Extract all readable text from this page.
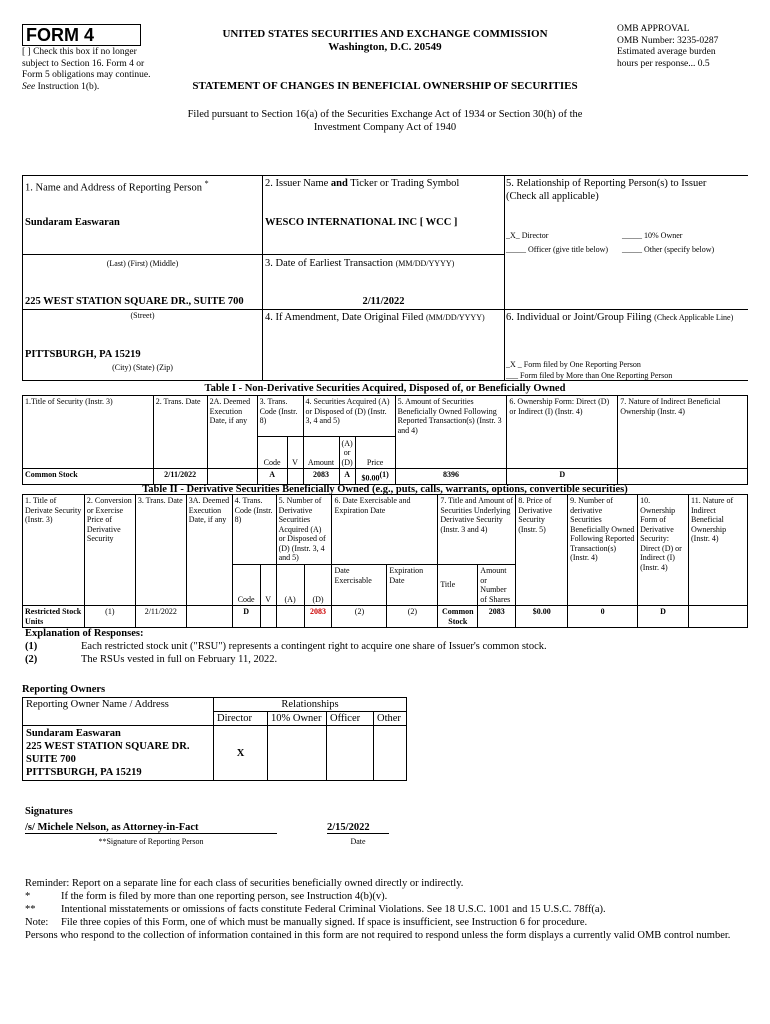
FORM 4
[ ] Check this box if no longer subject to Section 16. Form 4 or Form 5 obligations may continue. See Instruction 1(b).
UNITED STATES SECURITIES AND EXCHANGE COMMISSION
Washington, D.C. 20549
OMB APPROVAL
OMB Number: 3235-0287
Estimated average burden
hours per response... 0.5
STATEMENT OF CHANGES IN BENEFICIAL OWNERSHIP OF SECURITIES
Filed pursuant to Section 16(a) of the Securities Exchange Act of 1934 or Section 30(h) of the
Investment Company Act of 1940
1. Name and Address of Reporting Person *
Sundaram Easwaran
(Last) (First) (Middle)
225 WEST STATION SQUARE DR., SUITE 700
(Street)
PITTSBURGH, PA 15219
(City) (State) (Zip)
2. Issuer Name and Ticker or Trading Symbol
WESCO INTERNATIONAL INC [ WCC ]
3. Date of Earliest Transaction (MM/DD/YYYY)
2/11/2022
4. If Amendment, Date Original Filed (MM/DD/YYYY)
5. Relationship of Reporting Person(s) to Issuer
(Check all applicable)
_X_ Director	_____ 10% Owner
_____ Officer (give title below) _____ Other (specify below)
6. Individual or Joint/Group Filing (Check Applicable Line)
_X _ Form filed by One Reporting Person
___ Form filed by More than One Reporting Person
Table I - Non-Derivative Securities Acquired, Disposed of, or Beneficially Owned
1.Title of Security (Instr. 3)	2. Trans. Date	2A. Deemed Execution Date, if any	3. Trans. Code (Instr. 8)		4. Securities Acquired (A) or Disposed of (D) (Instr. 3, 4 and 5)			5. Amount of Securities Beneficially Owned Following Reported Transaction(s) (Instr. 3 and 4)	6. Ownership Form: Direct (D) or Indirect (I) (Instr. 4)	7. Nature of Indirect Beneficial Ownership (Instr. 4)
			Code	V	Amount	(A) or (D)	Price			
Common Stock	2/11/2022		A		2083	A	$0.00$^{(1)}$	8396	D	
Table II - Derivative Securities Beneficially Owned (e.g., puts, calls, warrants, options, convertible securities)
1. Title of Derivate Security (Instr. 3)	2. Conversion or Exercise Price of Derivative Security	3. Trans. Date	3A. Deemed Execution Date, if any	4. Trans. Code (Instr. 8)		5. Number of Derivative Securities Acquired (A) or Disposed of (D) (Instr. 3, 4 and 5)		6. Date Exercisable and Expiration Date		7. Title and Amount of Securities Underlying Derivative Security (Instr. 3 and 4)		8. Price of Derivative Security (Instr. 5)	9. Number of derivative Securities Beneficially Owned Following Reported Transaction(s) (Instr. 4)	10. Ownership Form of Derivative Security: Direct (D) or Indirect (I) (Instr. 4)	11. Nature of Indirect Beneficial Ownership (Instr. 4)
				Code	V	(A)	(D)	Date Exercisable	Expiration Date	Title	Amount or Number of Shares				
Restricted Stock Units	(1)	2/11/2022		D			2083	(2)	(2)	Common Stock	2083	$0.00	0	D	
Explanation of Responses:
(1)	Each restricted stock unit ("RSU") represents a contingent right to acquire one share of Issuer's common stock.
(2)	The RSUs vested in full on February 11, 2022.
Reporting Owners
Reporting Owner Name / Address	Relationships			
	Director	10% Owner	Officer	Other

Sundaram Easwaran
225 WEST STATION SQUARE DR.
SUITE 700
PITTSBURGH, PA 15219	X			
Signatures
/s/ Michele Nelson, as Attorney-in-Fact
**Signature of Reporting Person
2/15/2022
Date
Reminder: Report on a separate line for each class of securities beneficially owned directly or indirectly.
*	If the form is filed by more than one reporting person, see Instruction 4(b)(v).
**	Intentional misstatements or omissions of facts constitute Federal Criminal Violations. See 18 U.S.C. 1001 and 15 U.S.C. 78ff(a).
Note:	File three copies of this Form, one of which must be manually signed. If space is insufficient, see Instruction 6 for procedure.
Persons who respond to the collection of information contained in this form are not required to respond unless the form displays a currently valid OMB control number.
